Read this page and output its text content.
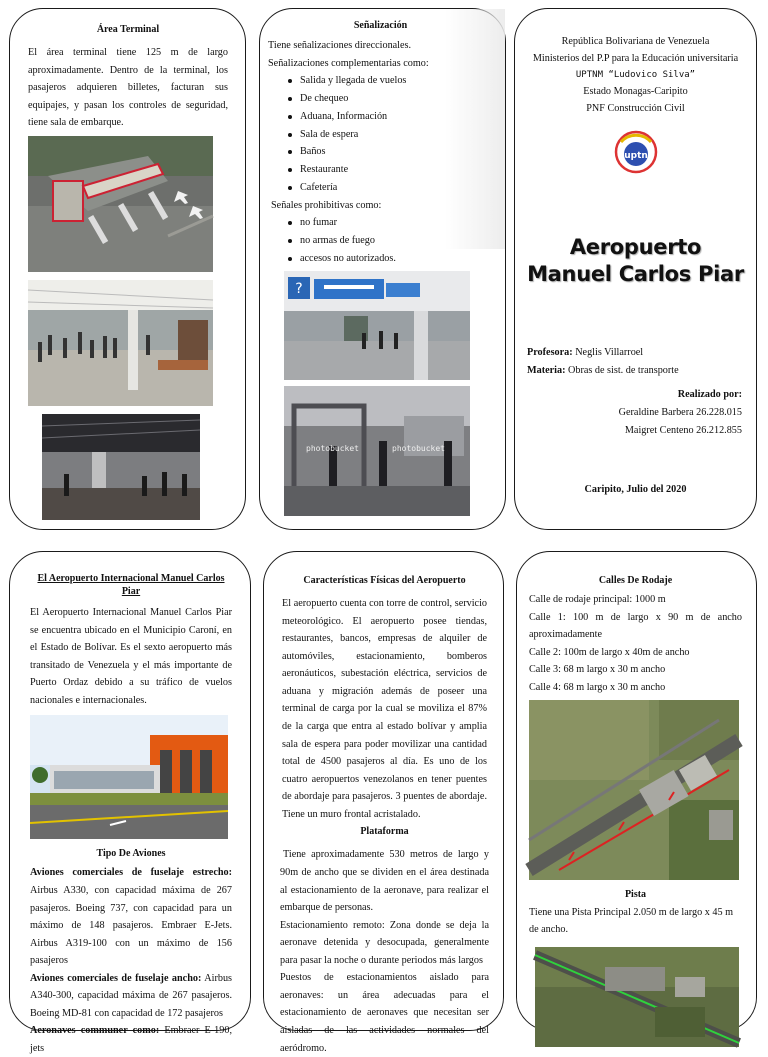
Área Terminal

El área terminal tiene 125 m de largo aproximadamente. Dentro de la terminal, los pasajeros adquieren billetes, facturan sus equipajes, y pasan los controles de seguridad, tiene sala de embarque.

Señalización

Tiene señalizaciones direccionales.

Señalizaciones complementarias como:

Salida y llegada de vuelos
De chequeo
Aduana, Información
Sala de espera
Baños
Restaurante
Cafetería

Señales prohibitivas como:

no fumar
no armas de fuego
accesos no autorizados.
?
photobucket	photobucket
República Bolivariana de Venezuela
Ministerios del P.P para la Educación universitaria
UPTNM “Ludovico Silva”
Estado Monagas-Caripito
PNF Construcción Civil
uptn
Aeropuerto Manuel Carlos Piar
Profesora: Neglis Villarroel
Materia: Obras de sist. de transporte
Realizado por:
Geraldine Barbera 26.228.015
Maigret Centeno 26.212.855
Caripito, Julio del 2020
El Aeropuerto Internacional Manuel Carlos Piar

El Aeropuerto Internacional Manuel Carlos Piar se encuentra ubicado en el Municipio Caroní, en el Estado de Bolívar. Es el sexto aeropuerto más transitado de Venezuela y el más importante de Puerto Ordaz debido a su tráfico de vuelos nacionales e internacionales.

Tipo De Aviones

Aviones comerciales de fuselaje estrecho: Airbus A330, con capacidad máxima de 267 pasajeros. Boeing 737, con capacidad para un máximo de 148 pasajeros. Embraer E-Jets. Airbus A319-100 con un máximo de 156 pasajeros

Aviones comerciales de fuselaje ancho: Airbus A340-300, capacidad máxima de 267 pasajeros. Boeing MD-81 con capacidad de 172 pasajeros

Aeronaves communer como: Embraer E-190, jets

Características Físicas del Aeropuerto

El aeropuerto cuenta con torre de control, servicio meteorológico. El aeropuerto posee tiendas, restaurantes, bancos, empresas de alquiler de automóviles, estacionamiento, bomberos aeronáuticos, subestación eléctrica, servicios de aduana y migración además de poseer una terminal de carga por la cual se moviliza el 87% de la carga que entra al estado bolívar y amplia sala de espera para poder movilizar una cantidad total de 4500 pasajeros al día. Es uno de los cuatro aeropuertos venezolanos en tener puentes de abordaje para pasajeros. 3 puentes de abordaje. Tiene un muro frontal acristalado.

Plataforma

Tiene aproximadamente 530 metros de largo y 90m de ancho que se dividen en el área destinada al estacionamiento de la aeronave, para realizar el embarque de personas.

Estacionamiento remoto: Zona donde se deja la aeronave detenida y desocupada, generalmente para pasar la noche o durante periodos más largos

Puestos de estacionamientos aislado para aeronaves: un área adecuadas para el estacionamiento de aeronaves que necesitan ser aisladas de las actividades normales del aeródromo.

Calles De Rodaje
Calle de rodaje principal: 1000 m
Calle 1: 100 m de largo x 90 m de ancho aproximadamente
Calle 2: 100m de largo x 40m de ancho
Calle 3: 68 m largo x 30 m ancho
Calle 4: 68 m largo x 30 m ancho
Pista

Tiene una Pista Principal 2.050 m de largo x 45 m de ancho.
